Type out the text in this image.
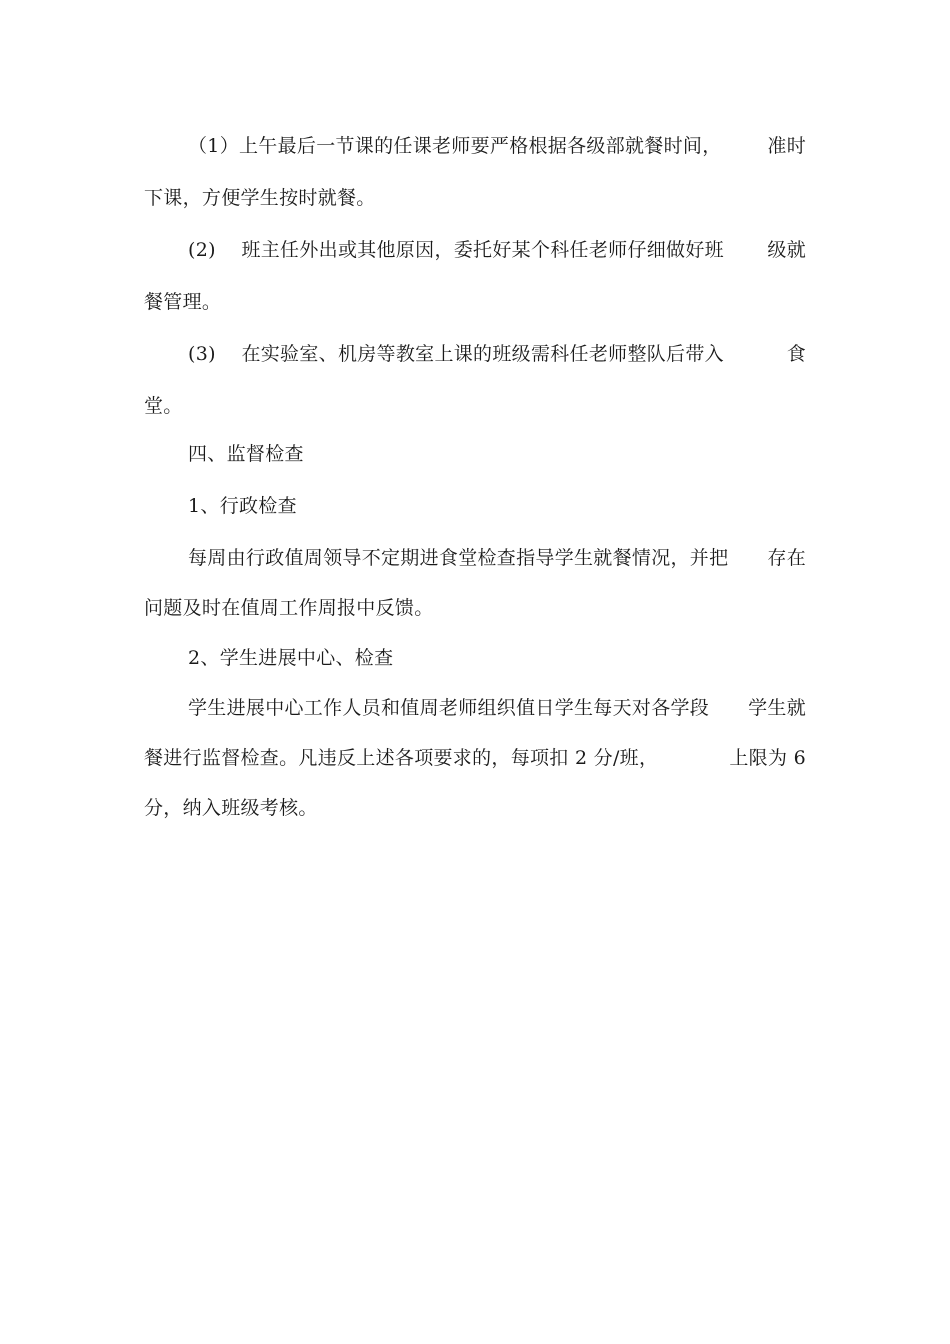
（1）上午最后一节课的任课老师要严格根据各级部就餐时间， 准时
下课，方便学生按时就餐。
(2)　 班主任外出或其他原因，委托好某个科任老师仔细做好班 级就
餐管理。
(3)　 在实验室、机房等教室上课的班级需科任老师整队后带入	食
堂。
四、监督检查
1、行政检查
每周由行政值周领导不定期进食堂检查指导学生就餐情况，并把 存在
问题及时在值周工作周报中反馈。
2、学生进展中心、检查
学生进展中心工作人员和值周老师组织值日学生每天对各学段 学生就
餐进行监督检查。凡违反上述各项要求的，每项扣 2 分/班，	上限为 6
分，纳入班级考核。
